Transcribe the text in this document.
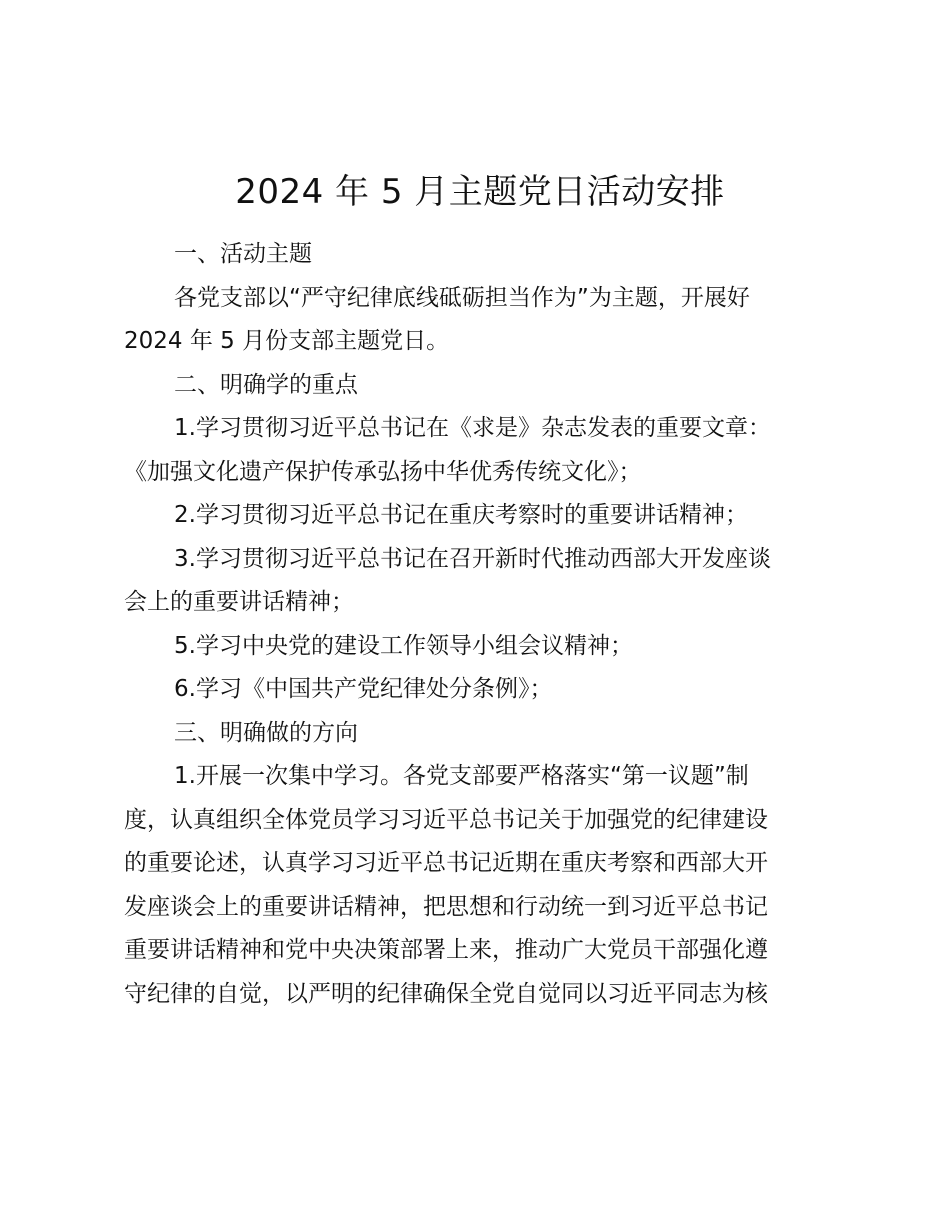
2024 年 5 月主题党日活动安排
一、活动主题
各党支部以“严守纪律底线砥砺担当作为”为主题，开展好
2024 年 5 月份支部主题党日。
二、明确学的重点
1.学习贯彻习近平总书记在《求是》杂志发表的重要文章：
《加强文化遗产保护传承弘扬中华优秀传统文化》；
2.学习贯彻习近平总书记在重庆考察时的重要讲话精神；
3.学习贯彻习近平总书记在召开新时代推动西部大开发座谈
会上的重要讲话精神；
5.学习中央党的建设工作领导小组会议精神；
6.学习《中国共产党纪律处分条例》；
三、明确做的方向
1.开展一次集中学习。各党支部要严格落实“第一议题”制
度，认真组织全体党员学习习近平总书记关于加强党的纪律建设
的重要论述，认真学习习近平总书记近期在重庆考察和西部大开
发座谈会上的重要讲话精神，把思想和行动统一到习近平总书记
重要讲话精神和党中央决策部署上来，推动广大党员干部强化遵
守纪律的自觉，以严明的纪律确保全党自觉同以习近平同志为核
